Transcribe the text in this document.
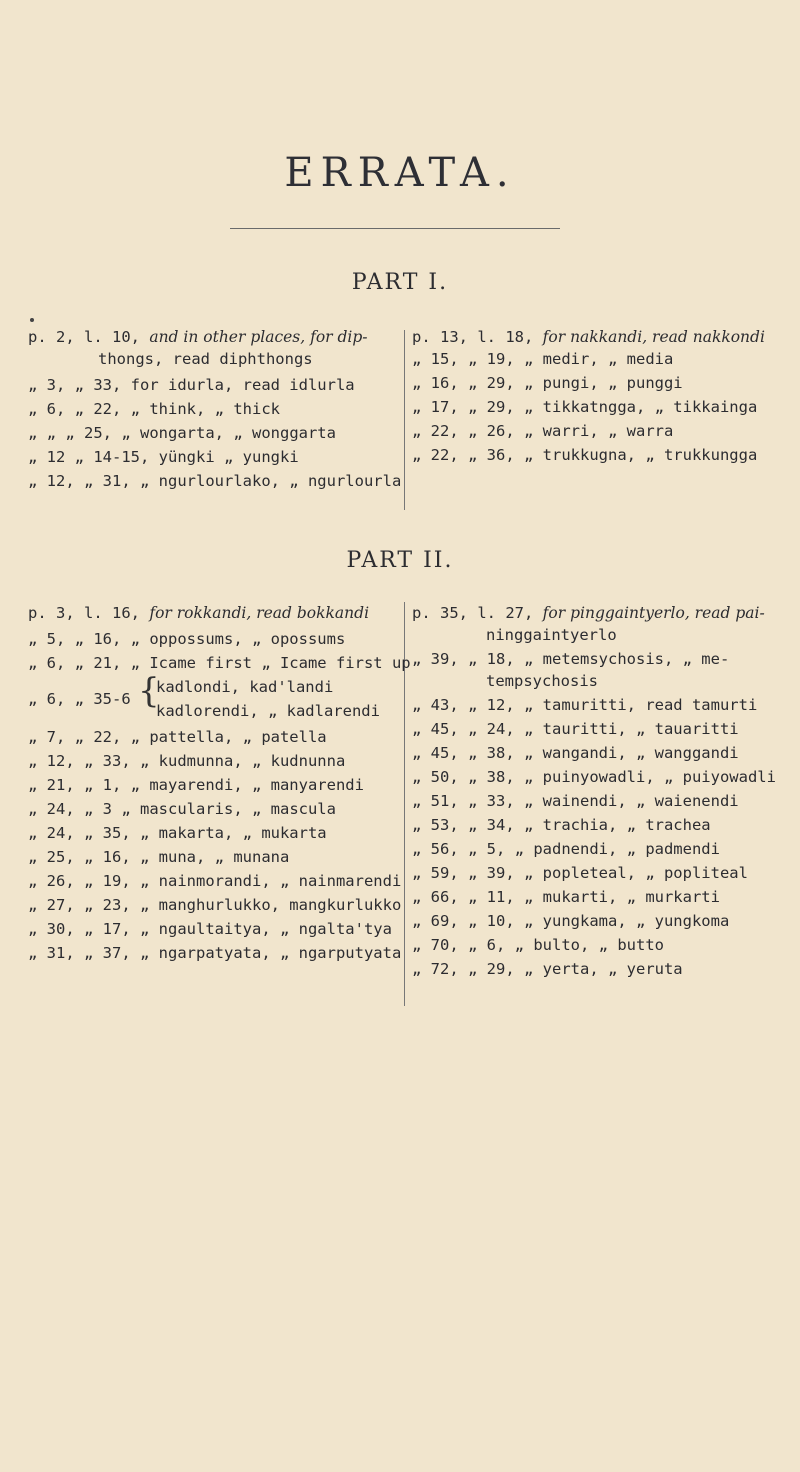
ERRATA.
PART I.
p. 2, l. 10, and in other places, for dip-
thongs, read diphthongs
„ 3, „ 33, for idurla, read idlurla
„ 6, „ 22, „ think, „ thick
„ „ „ 25, „ wongarta, „ wonggarta
„ 12 „ 14-15, yüngki „ yungki
„ 12, „ 31, „ ngurlourlako, „ ngurlourla
p. 13, l. 18, for nakkandi, read nakkondi
„ 15, „ 19, „ medir, „ media
„ 16, „ 29, „ pungi, „ punggi
„ 17, „ 29, „ tikkatngga, „ tikkainga
„ 22, „ 26, „ warri, „ warra
„ 22, „ 36, „ trukkugna, „ trukkungga
PART II.
p. 3, l. 16, for rokkandi, read bokkandi
„ 5, „ 16, „ oppossums, „ opossums
„ 6, „ 21, „ Icame first „ Icame first up
„ 6, „ 35-6 {
kadlondi, kad'landi
kadlorendi, „ kadlarendi
„ 7, „ 22, „ pattella, „ patella
„ 12, „ 33, „ kudmunna, „ kudnunna
„ 21, „ 1, „ mayarendi, „ manyarendi
„ 24, „ 3 „ mascularis, „ mascula
„ 24, „ 35, „ makarta, „ mukarta
„ 25, „ 16, „ muna, „ munana
„ 26, „ 19, „ nainmorandi, „ nainmarendi
„ 27, „ 23, „ manghurlukko, mangkurlukko
„ 30, „ 17, „ ngaultaitya, „ ngalta'tya
„ 31, „ 37, „ ngarpatyata, „ ngarputyata
p. 35, l. 27, for pinggaintyerlo, read pai-
ninggaintyerlo
„ 39, „ 18, „ metemsychosis, „ me-
tempsychosis
„ 43, „ 12, „ tamuritti, read tamurti
„ 45, „ 24, „ tauritti, „ tauaritti
„ 45, „ 38, „ wangandi, „ wanggandi
„ 50, „ 38, „ puinyowadli, „ puiyowadli
„ 51, „ 33, „ wainendi, „ waienendi
„ 53, „ 34, „ trachia, „ trachea
„ 56, „ 5, „ padnendi, „ padmendi
„ 59, „ 39, „ popleteal, „ popliteal
„ 66, „ 11, „ mukarti, „ murkarti
„ 69, „ 10, „ yungkama, „ yungkoma
„ 70, „ 6, „ bulto, „ butto
„ 72, „ 29, „ yerta, „ yeruta
